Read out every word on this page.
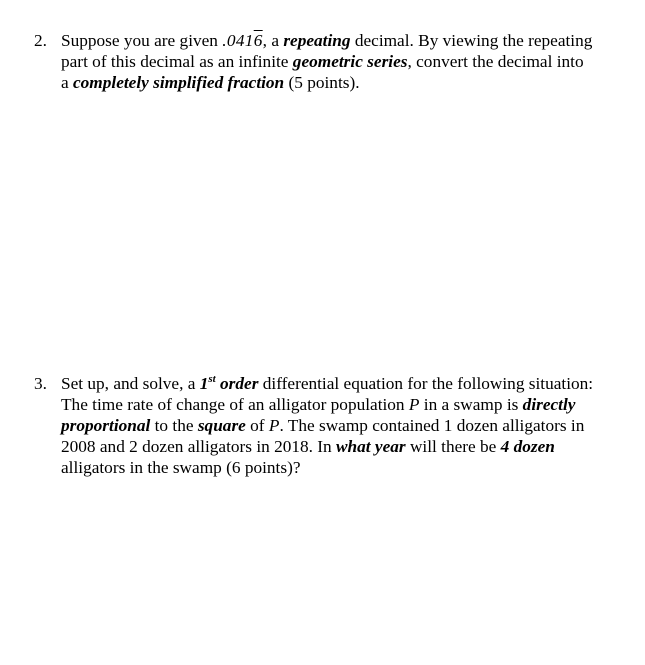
2. Suppose you are given .0416, a repeating decimal. By viewing the repeating part of this decimal as an infinite geometric series, convert the decimal into a completely simplified fraction (5 points).
3. Set up, and solve, a 1st order differential equation for the following situation: The time rate of change of an alligator population P in a swamp is directly proportional to the square of P. The swamp contained 1 dozen alligators in 2008 and 2 dozen alligators in 2018. In what year will there be 4 dozen alligators in the swamp (6 points)?
